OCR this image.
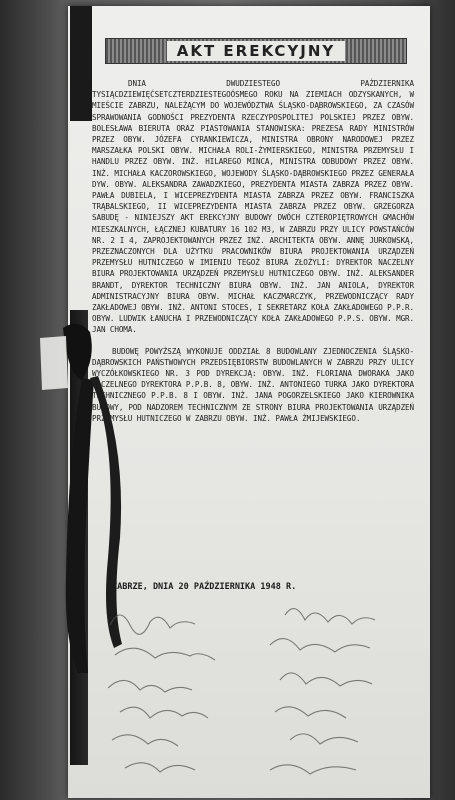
AKT EREKCYJNY

DNIA DWUDZIESTEGO PAŹDZIERNIKA TYSIĄCDZIEWIĘĆSETCZTERDZIESTEGOÓSMEGO ROKU NA ZIEMIACH ODZYSKANYCH, W MIEŚCIE ZABRZU, NALEŻĄCYM DO WOJEWÓDZTWA ŚLĄSKO-DĄBROWSKIEGO, ZA CZASÓW SPRAWOWANIA GODNOŚCI PREZYDENTA RZECZYPOSPOLITEJ POLSKIEJ PRZEZ OBYW. BOLESŁAWA BIERUTA ORAZ PIASTOWANIA STANOWISKA: PREZESA RADY MINISTRÓW PRZEZ OBYW. JÓZEFA CYRANKIEWICZA, MINISTRA OBRONY NARODOWEJ PRZEZ MARSZAŁKA POLSKI OBYW. MICHAŁA ROLI-ŻYMIERSKIEGO, MINISTRA PRZEMYSŁU I HANDLU PRZEZ OBYW. INŻ. HILAREGO MINCA, MINISTRA ODBUDOWY PRZEZ OBYW. INŻ. MICHAŁA KACZOROWSKIEGO, WOJEWODY ŚLĄSKO-DĄBROWSKIEGO PRZEZ GENERAŁA DYW. OBYW. ALEKSANDRA ZAWADZKIEGO, PREZYDENTA MIASTA ZABRZA PRZEZ OBYW. PAWŁA DUBIELA, I WICEPREZYDENTA MIASTA ZABRZA PRZEZ OBYW. FRANCISZKA TRĄBALSKIEGO, II WICEPREZYDENTA MIASTA ZABRZA PRZEZ OBYW. GRZEGORZA SABUDĘ - NINIEJSZY AKT EREKCYJNY BUDOWY DWÓCH CZTEROPIĘTROWYCH GMACHÓW MIESZKALNYCH, ŁĄCZNEJ KUBATURY 16 102 M3, W ZABRZU PRZY ULICY POWSTAŃCÓW NR. 2 I 4, ZAPROJEKTOWANYCH PRZEZ INŻ. ARCHITEKTA OBYW. ANNĘ JURKOWSKĄ, PRZEZNACZONYCH DLA UŻYTKU PRACOWNIKÓW BIURA PROJEKTOWANIA URZĄDZEŃ PRZEMYSŁU HUTNICZEGO W IMIENIU TEGOŻ BIURA ZŁOŻYLI: DYREKTOR NACZELNY BIURA PROJEKTOWANIA URZĄDZEŃ PRZEMYSŁU HUTNICZEGO OBYW. INŻ. ALEKSANDER BRANDT, DYREKTOR TECHNICZNY BIURA OBYW. INŻ. JAN ANIOLA, DYREKTOR ADMINISTRACYJNY BIURA OBYW. MICHAŁ KACZMARCZYK, PRZEWODNICZĄCY RADY ZAKŁADOWEJ OBYW. INŻ. ANTONI STOCES, I SEKRETARZ KOŁA ZAKŁADOWEGO P.P.R. OBYW. LUDWIK ŁANUCHA I PRZEWODNICZĄCY KOŁA ZAKŁADOWEGO P.P.S. OBYW. MGR. JAN CHOMA.

BUDOWĘ POWYŻSZĄ WYKONUJE ODDZIAŁ 8 BUDOWLANY ZJEDNOCZENIA ŚLĄSKO-DĄBROWSKICH PAŃSTWOWYCH PRZEDSIĘBIORSTW BUDOWLANYCH W ZABRZU PRZY ULICY WYCZÓŁKOWSKIEGO NR. 3 POD DYREKCJĄ: OBYW. INŻ. FLORIANA DWORAKA JAKO NACZELNEGO DYREKTORA P.P.B. 8, OBYW. INŻ. ANTONIEGO TURKA JAKO DYREKTORA TECHNICZNEGO P.P.B. 8 I OBYW. INŻ. JANA POGORZELSKIEGO JAKO KIEROWNIKA BUDOWY, POD NADZOREM TECHNICZNYM ZE STRONY BIURA PROJEKTOWANIA URZĄDZEŃ PRZEMYSŁU HUTNICZEGO W ZABRZU OBYW. INŻ. PAWŁA ŻMIJEWSKIEGO.

ZABRZE, DNIA 20 PAŹDZIERNIKA 1948 R.
